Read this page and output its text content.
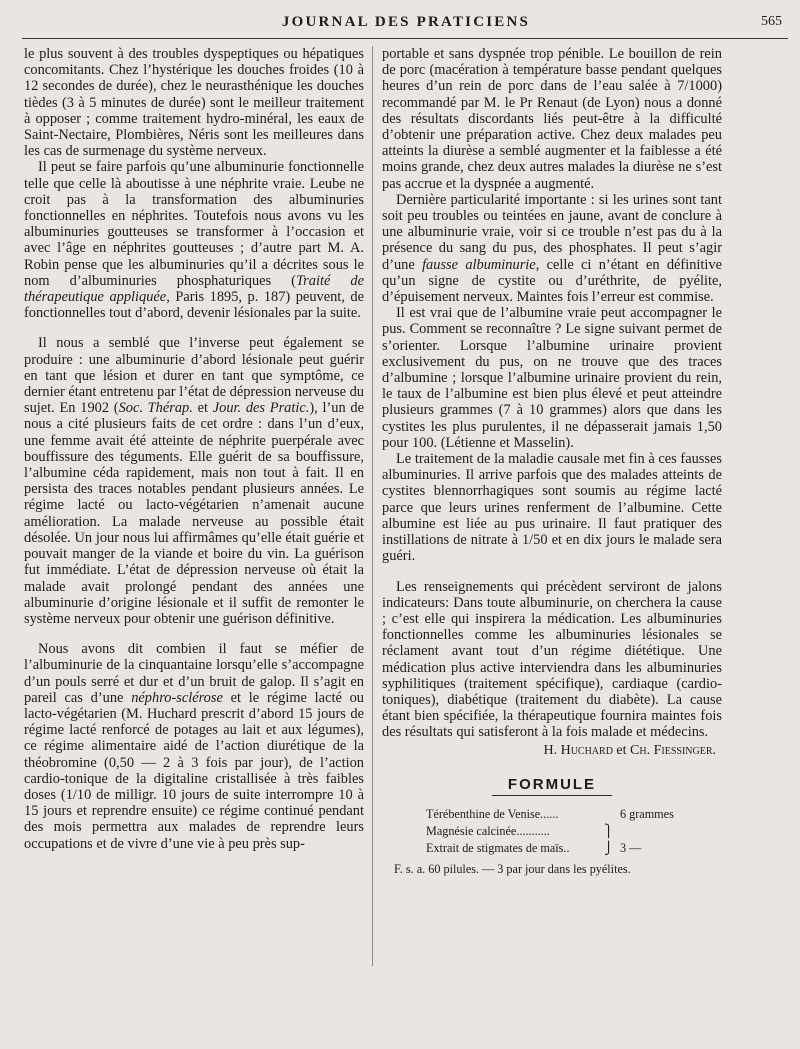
JOURNAL DES PRATICIENS	565

le plus souvent à des troubles dyspeptiques ou hépatiques concomitants. Chez l’hystérique les douches froides (10 à 12 secondes de durée), chez le neurasthénique les douches tièdes (3 à 5 minutes de durée) sont le meilleur traitement à opposer ; comme traitement hydro-minéral, les eaux de Saint-Nectaire, Plombières, Néris sont les meilleures dans les cas de surmenage du système nerveux.

Il peut se faire parfois qu’une albuminurie fonctionnelle telle que celle là aboutisse à une néphrite vraie. Leube ne croit pas à la transformation des albuminuries fonctionnelles en néphrites. Toutefois nous avons vu les albuminuries goutteuses se transformer à l’occasion et avec l’âge en néphrites goutteuses ; d’autre part M. A. Robin pense que les albuminuries qu’il a décrites sous le nom d’albuminuries phosphaturiques (Traité de thérapeutique appliquée, Paris 1895, p. 187) peuvent, de fonctionnelles tout d’abord, devenir lésionales par la suite.

Il nous a semblé que l’inverse peut également se produire : une albuminurie d’abord lésionale peut guérir en tant que lésion et durer en tant que symptôme, ce dernier étant entretenu par l’état de dépression nerveuse du sujet. En 1902 (Soc. Thérap. et Jour. des Pratic.), l’un de nous a cité plusieurs faits de cet ordre : dans l’un d’eux, une femme avait été atteinte de néphrite puerpérale avec bouffissure des téguments. Elle guérit de sa bouffissure, l’albumine céda rapidement, mais non tout à fait. Il en persista des traces notables pendant plusieurs années. Le régime lacté ou lacto-végétarien n’amenait aucune amélioration. La malade nerveuse au possible était désolée. Un jour nous lui affirmâmes qu’elle était guérie et pouvait manger de la viande et boire du vin. La guérison fut immédiate. L’état de dépression nerveuse où était la malade avait prolongé pendant des années une albuminurie d’origine lésionale et il suffit de remonter le système nerveux pour obtenir une guérison définitive.

Nous avons dit combien il faut se méfier de l’albuminurie de la cinquantaine lorsqu’elle s’accompagne d’un pouls serré et dur et d’un bruit de galop. Il s’agit en pareil cas d’une néphro-sclérose et le régime lacté ou lacto-végétarien (M. Huchard prescrit d’abord 15 jours de régime lacté renforcé de potages au lait et aux légumes), ce régime alimentaire aidé de l’action diurétique de la théobromine (0,50 — 2 à 3 fois par jour), de l’action cardio-tonique de la digitaline cristallisée à très faibles doses (1/10 de milligr. 10 jours de suite interrompre 10 à 15 jours et reprendre ensuite) ce régime continué pendant des mois permettra aux malades de reprendre leurs occupations et de vivre d’une vie à peu près sup-

portable et sans dyspnée trop pénible. Le bouillon de rein de porc (macération à température basse pendant quelques heures d’un rein de porc dans de l’eau salée à 7/1000) recommandé par M. le Pr Renaut (de Lyon) nous a donné des résultats discordants liés peut-être à la difficulté d’obtenir une préparation active. Chez deux malades peu atteints la diurèse a semblé augmenter et la faiblesse a été moins grande, chez deux autres malades la diurèse ne s’est pas accrue et la dyspnée a augmenté.

Dernière particularité importante : si les urines sont tant soit peu troubles ou teintées en jaune, avant de conclure à une albuminurie vraie, voir si ce trouble n’est pas du à la présence du sang du pus, des phosphates. Il peut s’agir d’une fausse albuminurie, celle ci n’étant en définitive qu’un signe de cystite ou d’uréthrite, de pyélite, d’épuisement nerveux. Maintes fois l’erreur est commise.

Il est vrai que de l’albumine vraie peut accompagner le pus. Comment se reconnaître ? Le signe suivant permet de s’orienter. Lorsque l’albumine urinaire provient exclusivement du pus, on ne trouve que des traces d’albumine ; lorsque l’albumine urinaire provient du rein, le taux de l’albumine est bien plus élevé et peut atteindre plusieurs grammes (7 à 10 grammes) alors que dans les cystites les plus purulentes, il ne dépasserait jamais 1,50 pour 100. (Létienne et Masselin).

Le traitement de la maladie causale met fin à ces fausses albuminuries. Il arrive parfois que des malades atteints de cystites blennorrhagiques sont soumis au régime lacté parce que leurs urines renferment de l’albumine. Cette albumine est liée au pus urinaire. Il faut pratiquer des instillations de nitrate à 1/50 et en dix jours le malade sera guéri.

Les renseignements qui précèdent serviront de jalons indicateurs: Dans toute albuminurie, on cherchera la cause ; c’est elle qui inspirera la médication. Les albuminuries fonctionnelles comme les albuminuries lésionales se réclament avant tout d’un régime diététique. Une médication plus active interviendra dans les albuminuries syphilitiques (traitement spécifique), cardiaque (cardio-toniques), diabétique (traitement du diabète). La cause étant bien spécifiée, la thérapeutique fournira maintes fois des résultats qui satisferont à la fois malade et médecins.

H. Huchard et Ch. Fiessinger.
FORMULE
Térébenthine de Venise......	6 grammes
Magnésie calcinée...........	⎫
Extrait de stigmates de maïs..	⎭ 3 —
F. s. a. 60 pilules. — 3 par jour dans les pyélites.
